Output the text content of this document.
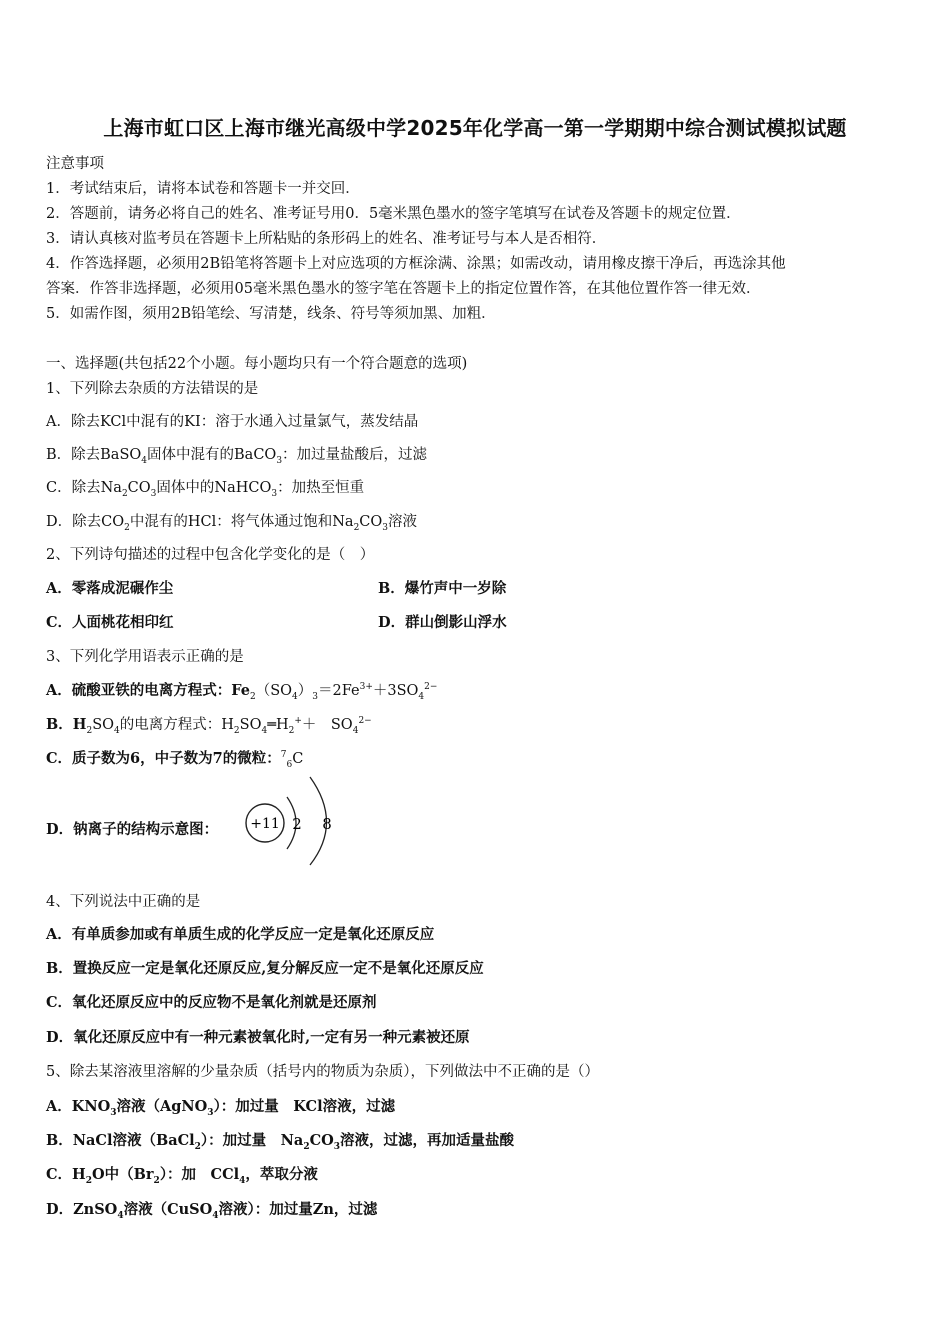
上海市虹口区上海市继光高级中学2025年化学高一第一学期期中综合测试模拟试题
注意事项
1．考试结束后，请将本试卷和答题卡一并交回．
2．答题前，请务必将自己的姓名、准考证号用0．5毫米黑色墨水的签字笔填写在试卷及答题卡的规定位置．
3．请认真核对监考员在答题卡上所粘贴的条形码上的姓名、准考证号与本人是否相符．
4．作答选择题，必须用2B铅笔将答题卡上对应选项的方框涂满、涂黑；如需改动，请用橡皮擦干净后，再选涂其他
答案．作答非选择题，必须用05毫米黑色墨水的签字笔在答题卡上的指定位置作答，在其他位置作答一律无效．
5．如需作图，须用2B铅笔绘、写清楚，线条、符号等须加黑、加粗．
一、选择题(共包括22个小题。每小题均只有一个符合题意的选项)
1、下列除去杂质的方法错误的是
A．除去KCl中混有的KI：溶于水通入过量氯气，蒸发结晶
B．除去BaSO$_4$固体中混有的BaCO$_3$：加过量盐酸后，过滤
C．除去$Na_2CO_3$固体中的NaHCO$_3$：加热至恒重
D．除去$CO_2$中混有的HCl：将气体通过饱和$Na_2CO_3$溶液
2、下列诗句描述的过程中包含化学变化的是（　）
A．零落成泥碾作尘	B．爆竹声中一岁除
C．人面桃花相印红	D．群山倒影山浮水
3、下列化学用语表示正确的是
A．硫酸亚铁的电离方程式：$Fe_2(SO_4)_3=2Fe^{3+}+3SO_4^{2-}$
B．$H_2SO_4$的电离方程式：$H_2SO_4═H_2^++$　$SO_4^{2-}$
C．质子数为6，中子数为7的微粒：$^7_6$C
D．钠离子的结构示意图： +11 2 8
4、下列说法中正确的是
A．有单质参加或有单质生成的化学反应一定是氧化还原反应
B．置换反应一定是氧化还原反应,复分解反应一定不是氧化还原反应
C．氧化还原反应中的反应物不是氧化剂就是还原剂
D．氧化还原反应中有一种元素被氧化时,一定有另一种元素被还原
5、除去某溶液里溶解的少量杂质（括号内的物质为杂质），下列做法中不正确的是（）
A．$KNO_3$溶液（AgNO$_3$）：加过量　KCl溶液，过滤
B．NaCl溶液（BaCl$_2$）：加过量　$Na_2CO_3$溶液，过滤，再加适量盐酸
C．$H_2O$中$(Br_2)$：加　CCl$_4$，萃取分液
D．ZnSO$_4$溶液（CuSO$_4$溶液）：加过量Zn，过滤
